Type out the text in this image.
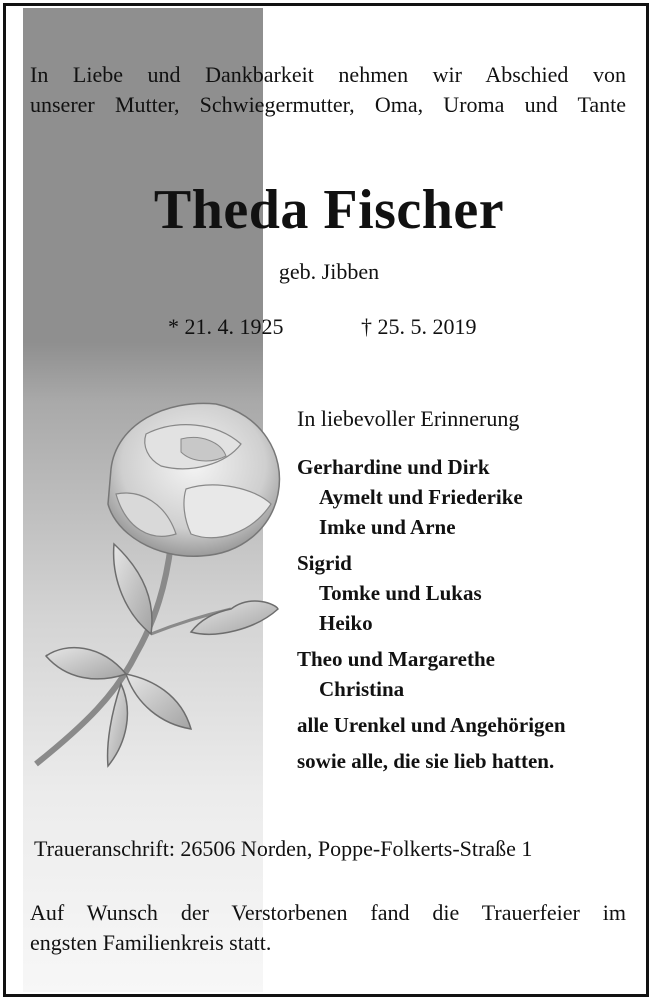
In Liebe und Dankbarkeit nehmen wir Abschied von
unserer Mutter, Schwiegermutter, Oma, Uroma und Tante
Theda Fischer
geb. Jibben
* 21. 4. 1925	† 25. 5. 2019
In liebevoller Erinnerung
Gerhardine und Dirk
Aymelt und Friederike
Imke und Arne
Sigrid
Tomke und Lukas
Heiko
Theo und Margarethe
Christina
alle Urenkel und Angehörigen
sowie alle, die sie lieb hatten.
Traueranschrift: 26506 Norden, Poppe-Folkerts-Straße 1
Auf Wunsch der Verstorbenen fand die Trauerfeier im
engsten Familienkreis statt.
